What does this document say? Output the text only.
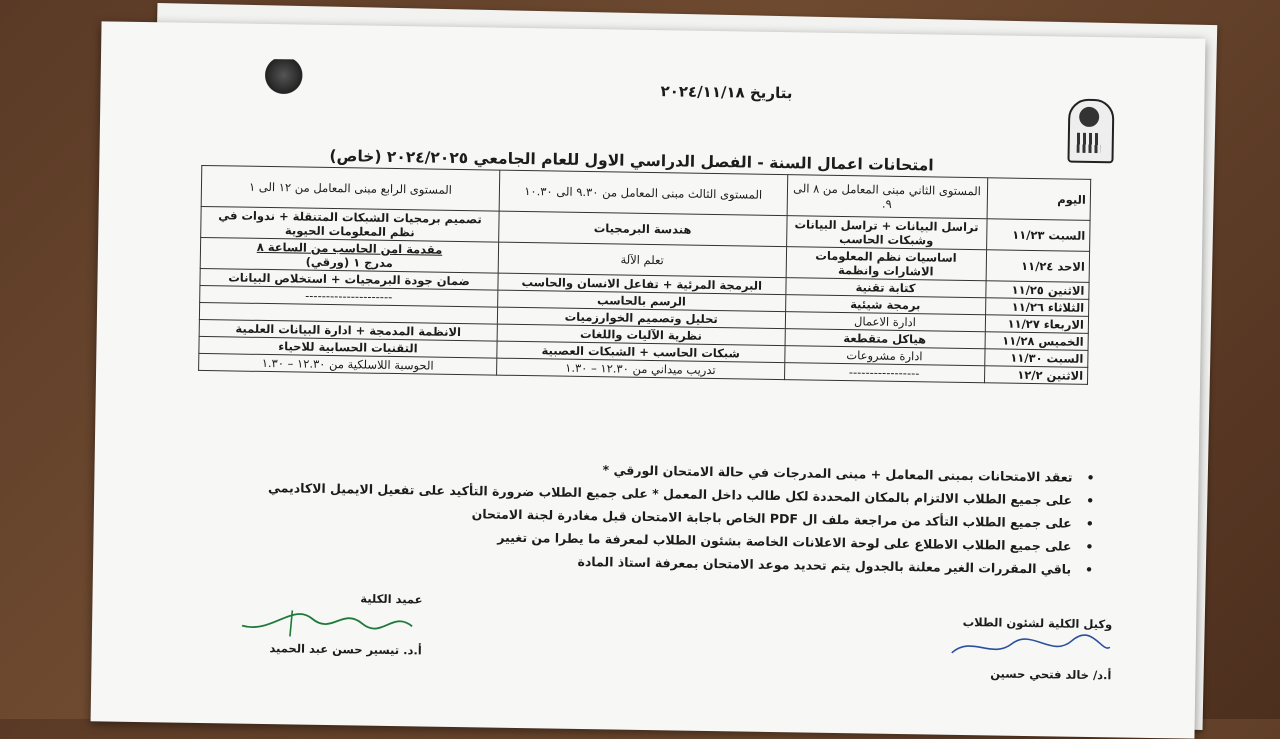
بتاريخ ٢٠٢٤/١١/١٨
امتحانات اعمال السنة - الفصل الدراسي الاول للعام الجامعي ٢٠٢٤/٢٠٢٥ (خاص)
اليوم	المستوى الثاني مبنى المعامل من ٨ الى ٩.	المستوى الثالث مبنى المعامل من ٩.٣٠ الى ١٠.٣٠	المستوى الرابع مبنى المعامل من ١٢ الى ١
السبت ١١/٢٣	تراسل البيانات + تراسل البيانات وشبكات الحاسب	هندسة البرمجيات	تصميم برمجيات الشبكات المتنقلة + ندوات في نظم المعلومات الحيوية
الاحد ١١/٢٤	اساسيات نظم المعلومات الاشارات وانظمة	تعلم الآلة	مقدمة امن الحاسب من الساعة ٨
مدرج ١ (ورقي)

الاثنين ١١/٢٥	كتابة تقنية	البرمجة المرئية + تفاعل الانسان والحاسب	ضمان جودة البرمجيات + استخلاص البيانات
الثلاثاء ١١/٢٦	برمجة شيئية	الرسم بالحاسب	---------------------
الاربعاء ١١/٢٧	ادارة الاعمال	تحليل وتصميم الخوارزميات	
الخميس ١١/٢٨	هياكل متقطعة	نظرية الآليات واللغات	الانظمة المدمجة + ادارة البيانات العلمية
السبت ١١/٣٠	ادارة مشروعات	شبكات الحاسب + الشبكات العصبية	التقنيات الحسابية للاحياء
الاثنين ١٢/٢	-----------------	تدريب ميداني من ١٢.٣٠ – ١.٣٠	الحوسبة اللاسلكية من ١٢.٣٠ – ١.٣٠
•
تعقد الامتحانات بمبنى المعامل + مبنى المدرجات في حالة الامتحان الورقي *
•
على جميع الطلاب الالتزام بالمكان المحددة لكل طالب داخل المعمل * على جميع الطلاب ضرورة التأكيد على تفعيل الايميل الاكاديمي
•
على جميع الطلاب التأكد من مراجعة ملف ال PDF الخاص باجابة الامتحان قبل مغادرة لجنة الامتحان
•
على جميع الطلاب الاطلاع على لوحة الاعلانات الخاصة بشئون الطلاب لمعرفة ما يطرا من تغيير
•
باقي المقررات الغير معلنة بالجدول يتم تحديد موعد الامتحان بمعرفة استاذ المادة
وكيل الكلية لشئون الطلاب
أ.د/ خالد فتحي حسين
عميد الكلية
أ.د. تيسير حسن عبد الحميد
